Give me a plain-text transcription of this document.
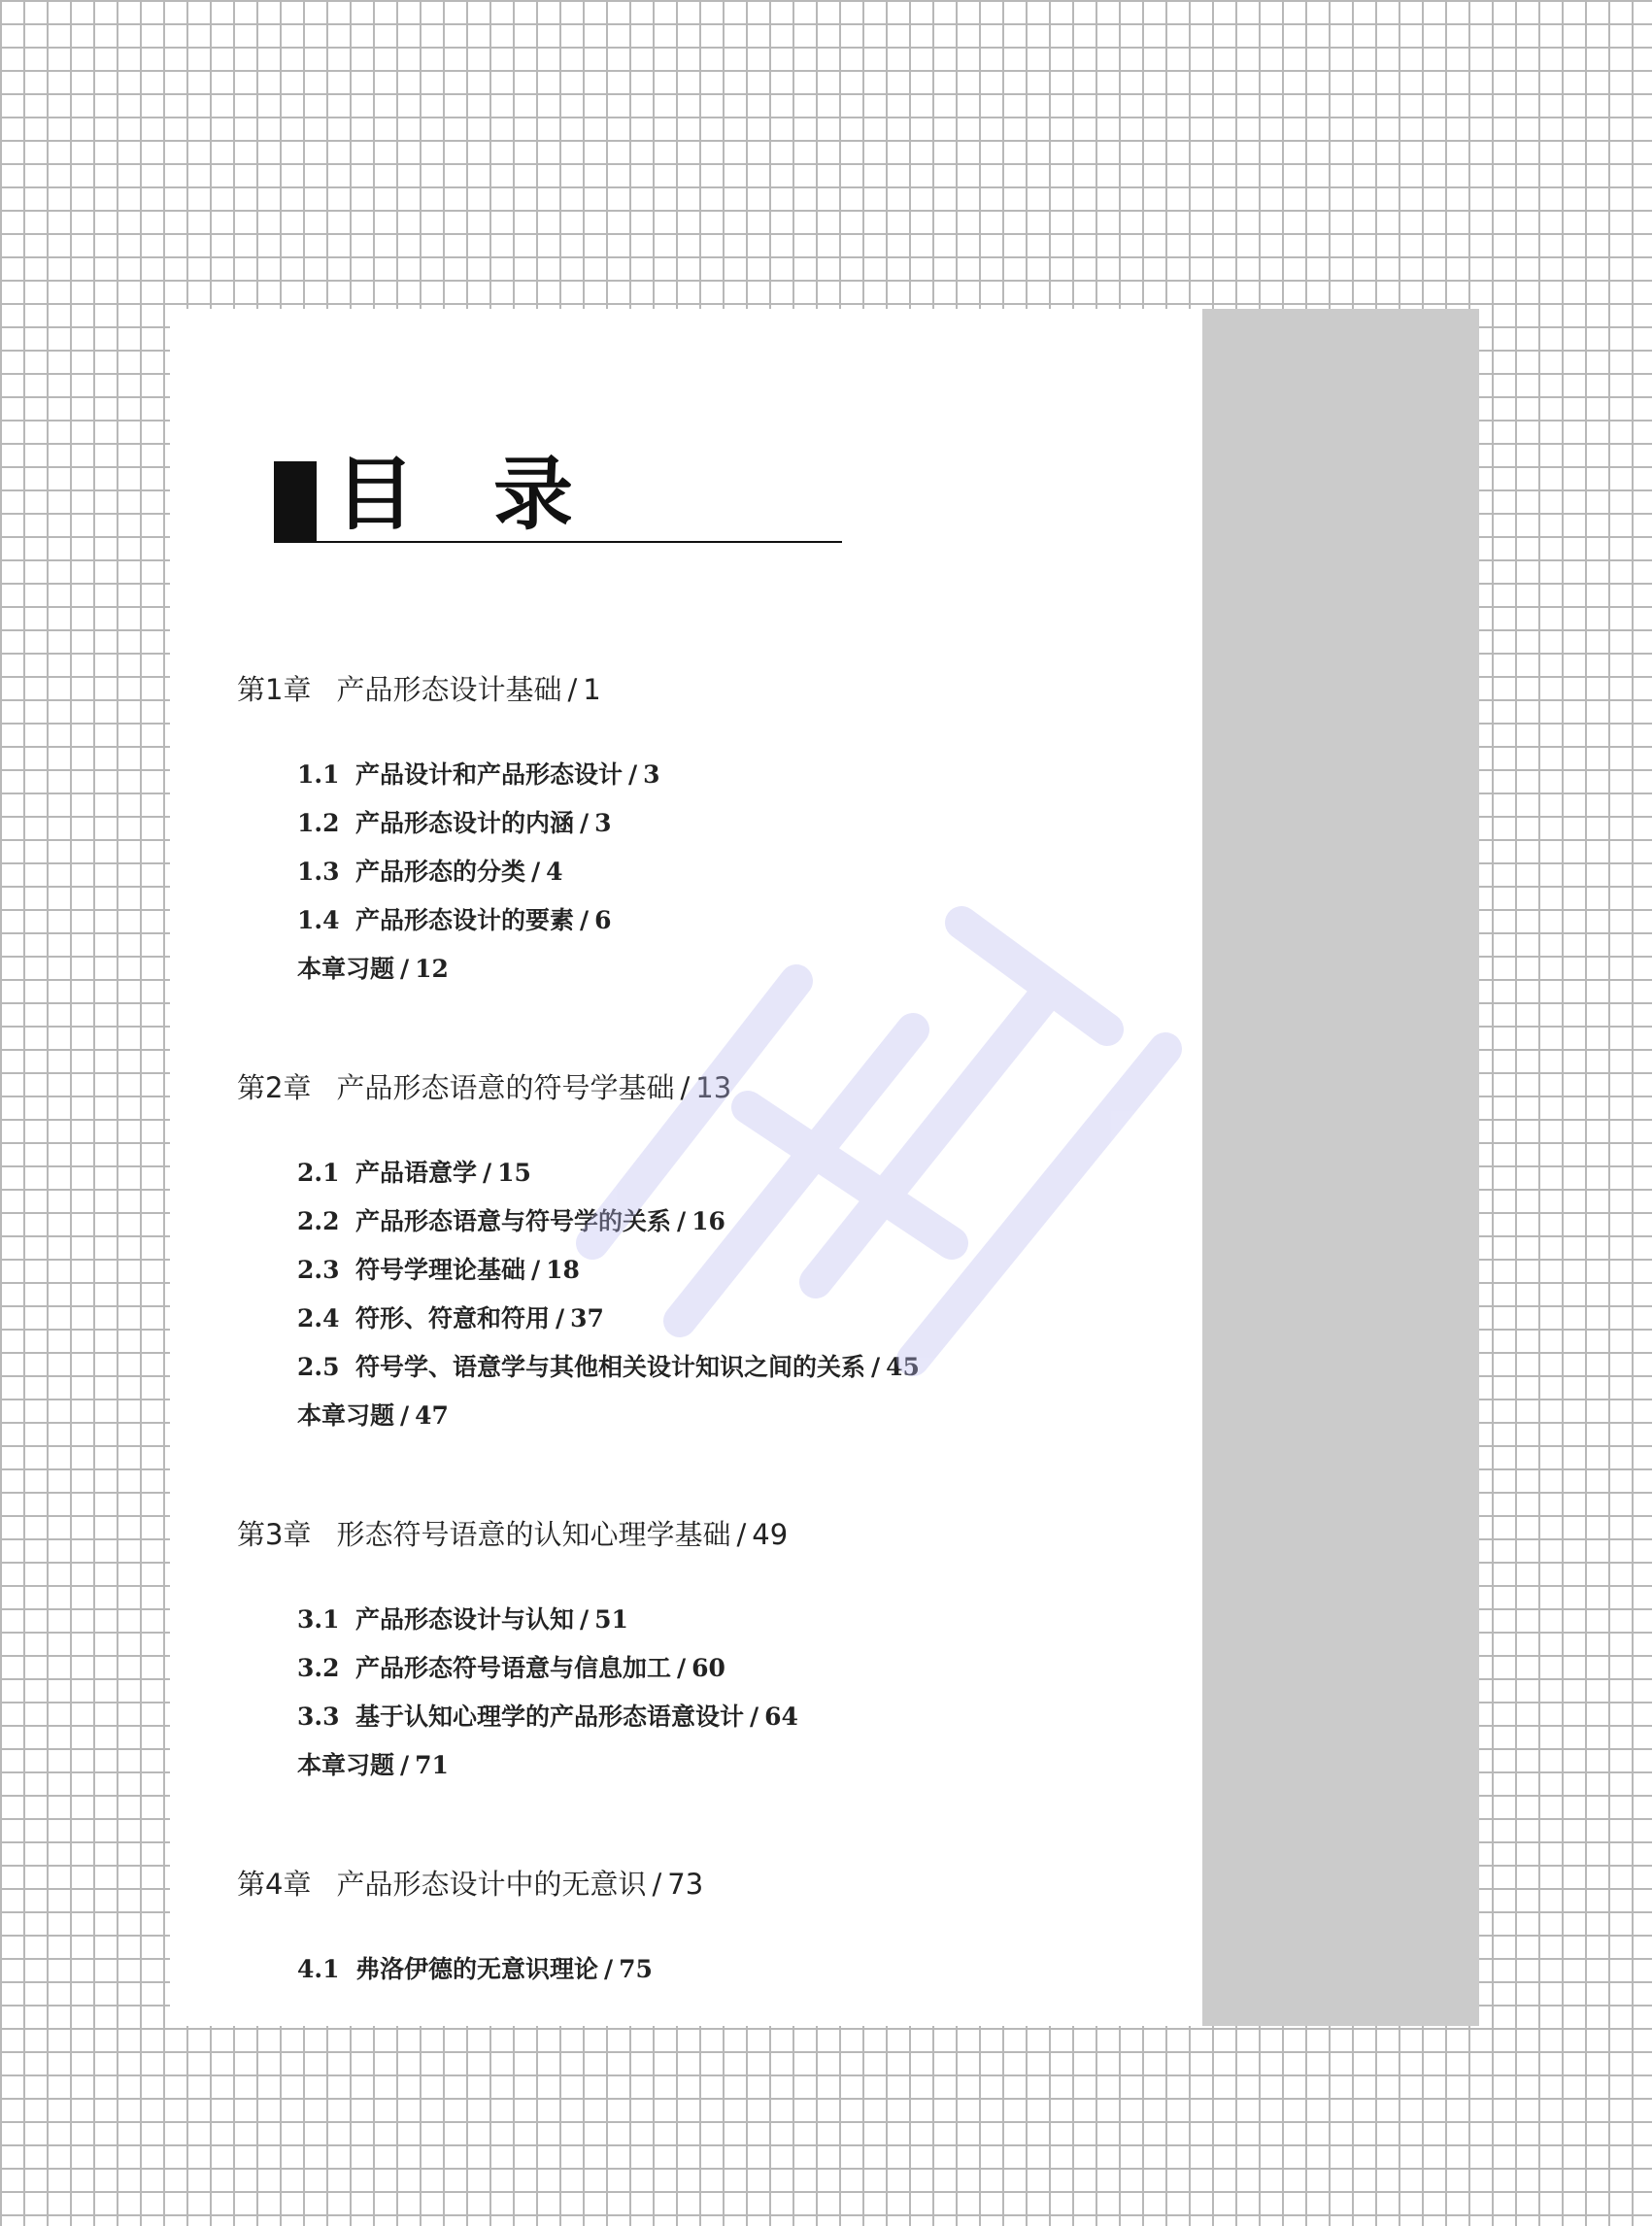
目 录
第1章 产品形态设计基础 / 1
1.1 产品设计和产品形态设计 / 3
1.2 产品形态设计的内涵 / 3
1.3 产品形态的分类 / 4
1.4 产品形态设计的要素 / 6
本章习题 / 12
第2章 产品形态语意的符号学基础 / 13
2.1 产品语意学 / 15
2.2 产品形态语意与符号学的关系 / 16
2.3 符号学理论基础 / 18
2.4 符形、符意和符用 / 37
2.5 符号学、语意学与其他相关设计知识之间的关系 / 45
本章习题 / 47
第3章 形态符号语意的认知心理学基础 / 49
3.1 产品形态设计与认知 / 51
3.2 产品形态符号语意与信息加工 / 60
3.3 基于认知心理学的产品形态语意设计 / 64
本章习题 / 71
第4章 产品形态设计中的无意识 / 73
4.1 弗洛伊德的无意识理论 / 75
